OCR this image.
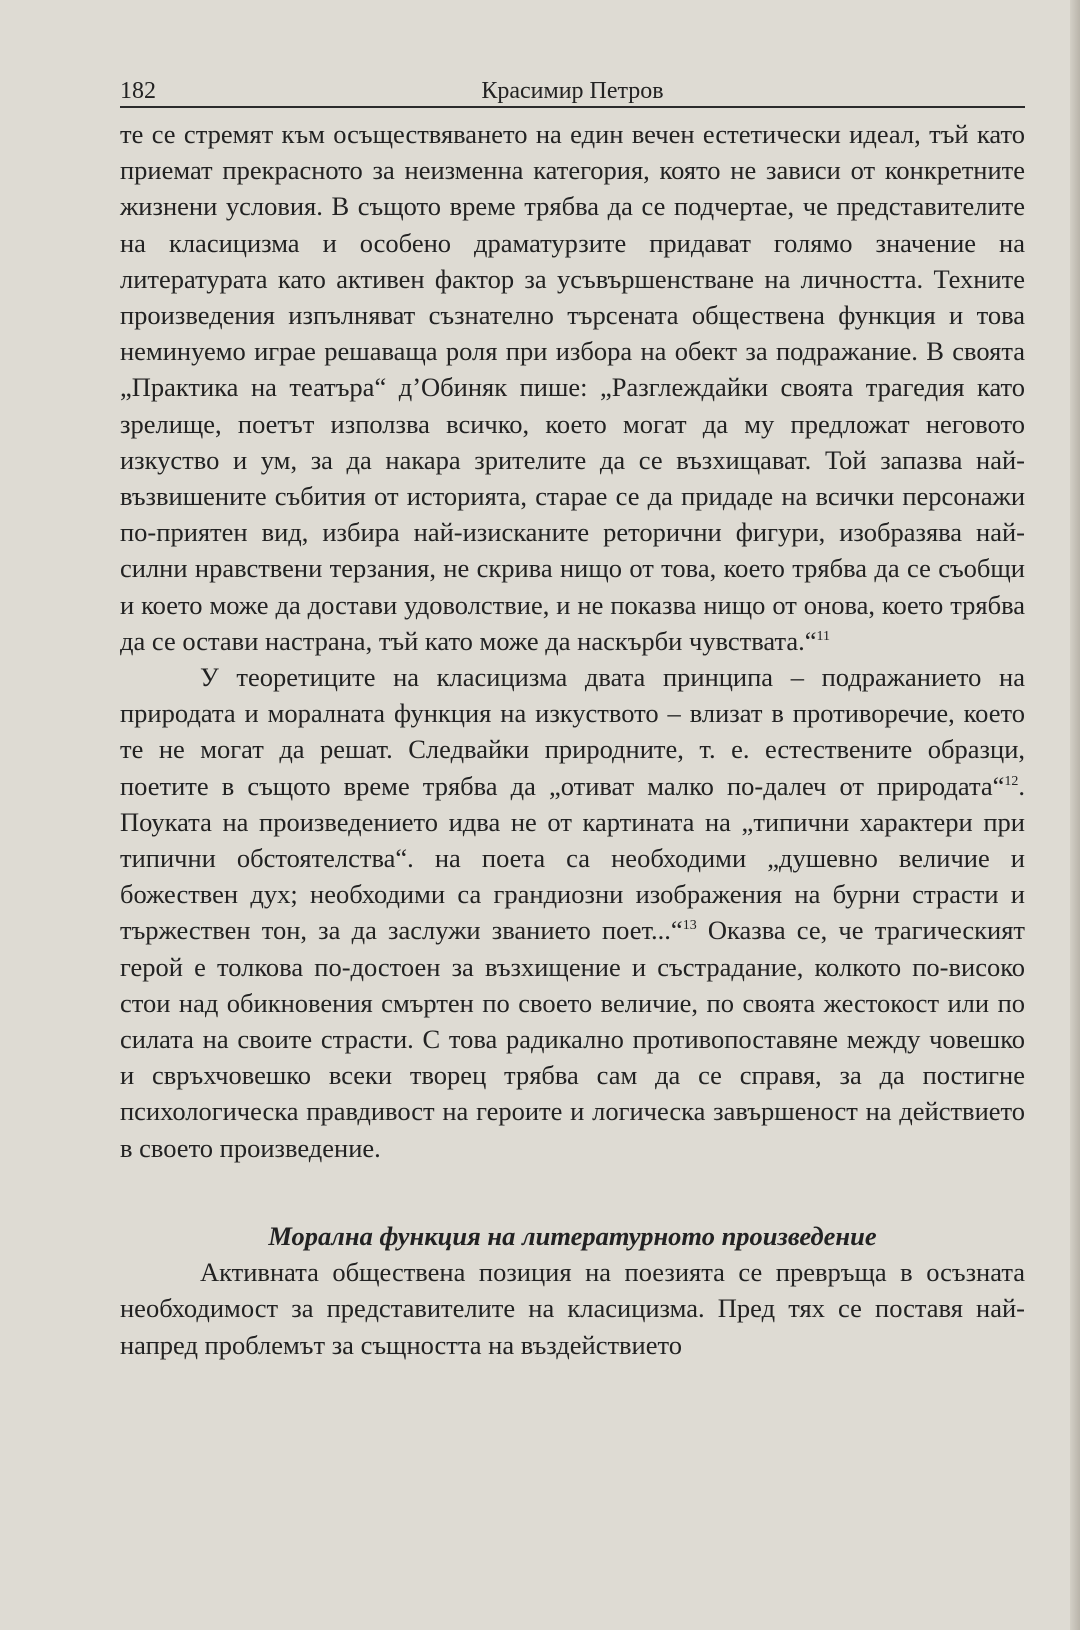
182	Красимир Петров

те се стремят към осъществяването на един вечен естетически идеал, тъй като приемат прекрасното за неизменна категория, която не зависи от конкретните жизнени условия. В същото време трябва да се подчертае, че представителите на класицизма и особено драматурзите придават голямо значение на литературата като активен фактор за усъвършенстване на личността. Техните произведения изпълняват съзнателно търсената обществена функция и това неминуемо играе решаваща роля при избора на обект за подражание. В своята „Практика на театъра“ д’Обиняк пише: „Разглеждайки своята трагедия като зрелище, поетът използва всичко, което могат да му предложат неговото изкуство и ум, за да накара зрителите да се възхищават. Той запазва най-възвишените събития от историята, старае се да придаде на всички персонажи по-приятен вид, избира най-изисканите реторични фигури, изобразява най-силни нравствени терзания, не скрива нищо от това, което трябва да се съобщи и което може да достави удоволствие, и не показва нищо от онова, което трябва да се остави настрана, тъй като може да наскърби чувствата.“$^{11}$

У теоретиците на класицизма двата принципа – подражанието на природата и моралната функция на изкуството – влизат в противоречие, което те не могат да решат. Следвайки природните, т. е. естествените образци, поетите в същото време трябва да „отиват малко по-далеч от природата“$^{12}$. Поуката на произведението идва не от картината на „типични характери при типични обстоятелства“. на поета са необходими „душевно величие и божествен дух; необходими са грандиозни изображения на бурни страсти и тържествен тон, за да заслужи званието поет...“$^{13}$ Оказва се, че трагическият герой е толкова по-достоен за възхищение и състрадание, колкото по-високо стои над обикновения смъртен по своето величие, по своята жестокост или по силата на своите страсти. С това радикално противопоставяне между човешко и свръхчовешко всеки творец трябва сам да се справя, за да постигне психологическа правдивост на героите и логическа завършеност на действието в своето произведение.

Морална функция на литературното произведение

Активната обществена позиция на поезията се превръща в осъзната необходимост за представителите на класицизма. Пред тях се поставя най-напред проблемът за същността на въздействието
